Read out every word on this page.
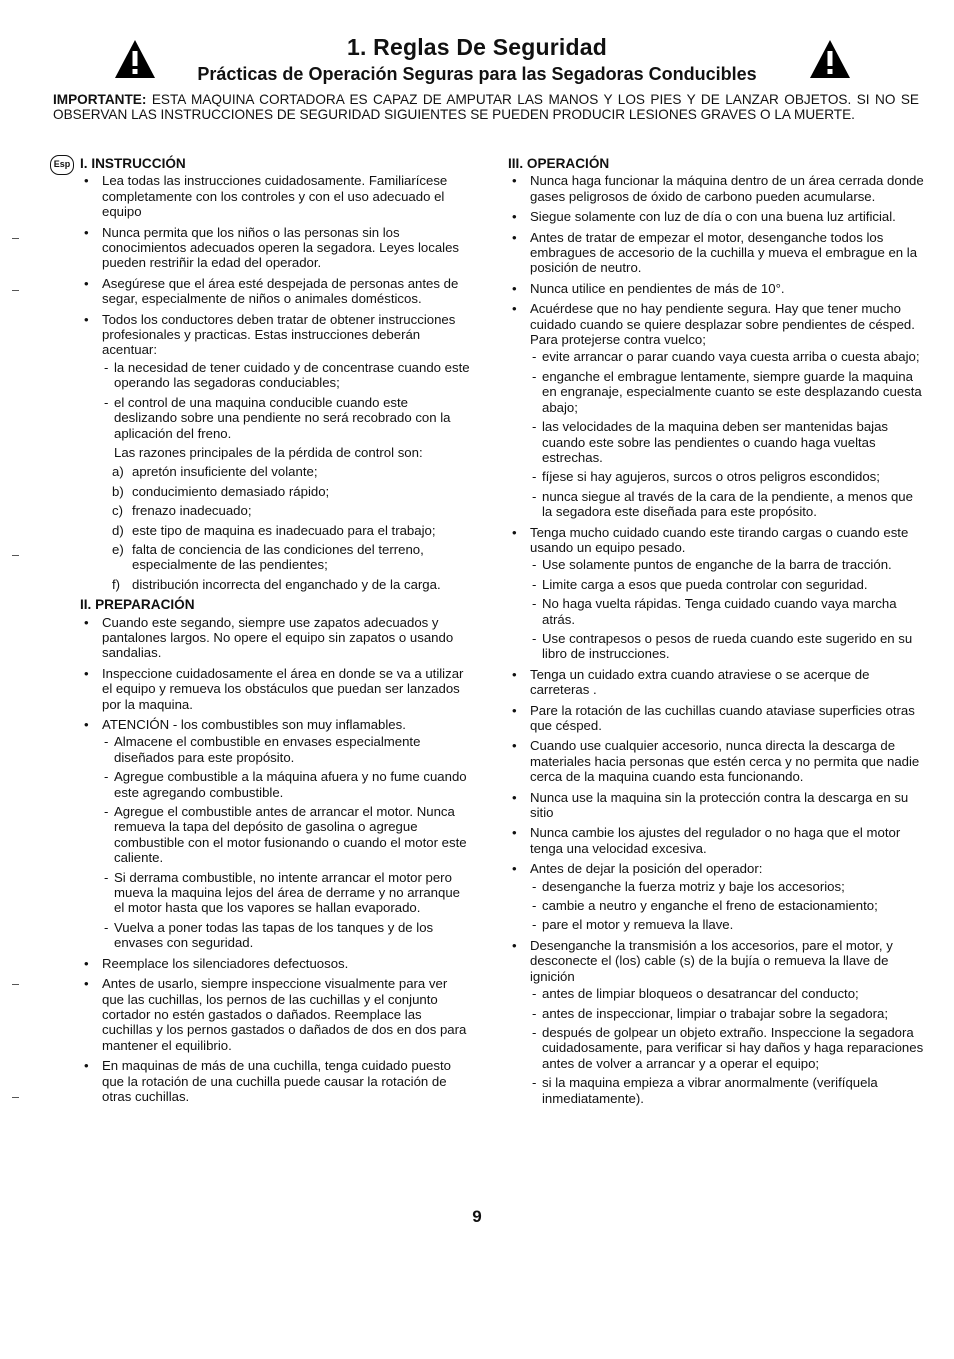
1. Reglas De Seguridad
Prácticas de Operación Seguras para las Segadoras Conducibles
IMPORTANTE: ESTA MAQUINA CORTADORA ES CAPAZ DE AMPUTAR LAS MANOS Y LOS PIES Y DE LANZAR OBJETOS. SI NO SE OBSERVAN LAS INSTRUCCIONES DE SEGURIDAD SIGUIENTES SE PUEDEN PRODUCIR LESIONES GRAVES O LA MUERTE.
Esp I. INSTRUCCIÓN
• Lea todas las instrucciones cuidadosamente. Familiarícese completamente con los controles y con el uso adecuado el equipo
• Nunca permita que los niños o las personas sin los conocimientos adecuados operen la segadora. Leyes locales pueden restriñir la edad del operador.
• Asegúrese que el área esté despejada de personas antes de segar, especialmente de niños o animales domésticos.
• Todos los conductores deben tratar de obtener instrucciones profesionales y practicas. Estas instrucciones deberán acentuar:
- la necesidad de tener cuidado y de concentrase cuando este operando las segadoras conduciables;
- el control de una maquina conducible cuando este deslizando sobre una pendiente no será recobrado con la aplicación del freno.
Las razones principales de la pérdida de control son:
a) apretón insuficiente del volante;
b) conducimiento demasiado rápido;
c) frenazo inadecuado;
d) este tipo de maquina es inadecuado para el trabajo;
e) falta de conciencia de las condiciones del terreno, especialmente de las pendientes;
f) distribución incorrecta del enganchado y de la carga.
II. PREPARACIÓN
• Cuando este segando, siempre use zapatos adecuados y pantalones largos. No opere el equipo sin zapatos o usando sandalias.
• Inspeccione cuidadosamente el área en donde se va a utilizar el equipo y remueva los obstáculos que puedan ser lanzados por la maquina.
• ATENCIÓN - los combustibles son muy inflamables.
- Almacene el combustible en envases especialmente diseñados para este propósito.
- Agregue combustible a la máquina afuera y no fume cuando este agregando combustible.
- Agregue el combustible antes de arrancar el motor. Nunca remueva la tapa del depósito de gasolina o agregue combustible con el motor fusionando o cuando el motor este caliente.
- Si derrama combustible, no intente arrancar el motor pero mueva la maquina lejos del área de derrame y no arranque el motor hasta que los vapores se hallan evaporado.
- Vuelva a poner todas las tapas de los tanques y de los envases con seguridad.
• Reemplace los silenciadores defectuosos.
• Antes de usarlo, siempre inspeccione visualmente para ver que las cuchillas, los pernos de las cuchillas y el conjunto cortador no estén gastados o dañados. Reemplace las cuchillas y los pernos gastados o dañados de dos en dos para mantener el equilibrio.
• En maquinas de más de una cuchilla, tenga cuidado puesto que la rotación de una cuchilla puede causar la rotación de otras cuchillas.
III. OPERACIÓN
• Nunca haga funcionar la máquina dentro de un área cerrada donde gases peligrosos de óxido de carbono pueden acumularse.
• Siegue solamente con luz de día o con una buena luz artificial.
• Antes de tratar de empezar el motor, desenganche todos los embragues de accesorio de la cuchilla y mueva el embrague en la posición de neutro.
• Nunca utilice en pendientes de más de 10°.
• Acuérdese que no hay pendiente segura. Hay que tener mucho cuidado cuando se quiere desplazar sobre pendientes de césped. Para protejerse contra vuelco;
- evite arrancar o parar cuando vaya cuesta arriba o cuesta abajo;
- enganche el embrague lentamente, siempre guarde la maquina en engranaje, especialmente cuanto se este desplazando cuesta abajo;
- las velocidades de la maquina deben ser mantenidas bajas cuando este sobre las pendientes o cuando haga vueltas estrechas.
- fíjese si hay agujeros, surcos o otros peligros escondidos;
- nunca siegue al través de la cara de la pendiente, a menos que la segadora este diseñada para este propósito.
• Tenga mucho cuidado cuando este tirando cargas o cuando este usando un equipo pesado.
- Use solamente puntos de enganche de la barra de tracción.
- Limite carga a esos que pueda controlar con seguridad.
- No haga vuelta rápidas. Tenga cuidado cuando vaya marcha atrás.
- Use contrapesos o pesos de rueda cuando este sugerido en su libro de instrucciones.
• Tenga un cuidado extra cuando atraviese o se acerque de carreteras .
• Pare la rotación de las cuchillas cuando ataviase superficies otras que césped.
• Cuando use cualquier accesorio, nunca directa la descarga de materiales hacia personas que estén cerca y no permita que nadie cerca de la maquina cuando esta funcionando.
• Nunca use la maquina sin la protección contra la descarga en su sitio
• Nunca cambie los ajustes del regulador o no haga que el motor tenga una velocidad excesiva.
• Antes de dejar la posición del operador:
- desenganche la fuerza motriz y baje los accesorios;
- cambie a neutro y enganche el freno de estacionamiento;
- pare el motor y remueva la llave.
• Desenganche la transmisión a los accesorios, pare el motor, y desconecte el (los) cable (s) de la bujía o remueva la llave de ignición
- antes de limpiar bloqueos o desatrancar del conducto;
- antes de inspeccionar, limpiar o trabajar sobre la segadora;
- después de golpear un objeto extraño. Inspeccione la segadora cuidadosamente, para verificar si hay daños y haga reparaciones antes de volver a arrancar y a operar el equipo;
- si la maquina empieza a vibrar anormalmente (verifíquela inmediatamente).
9
